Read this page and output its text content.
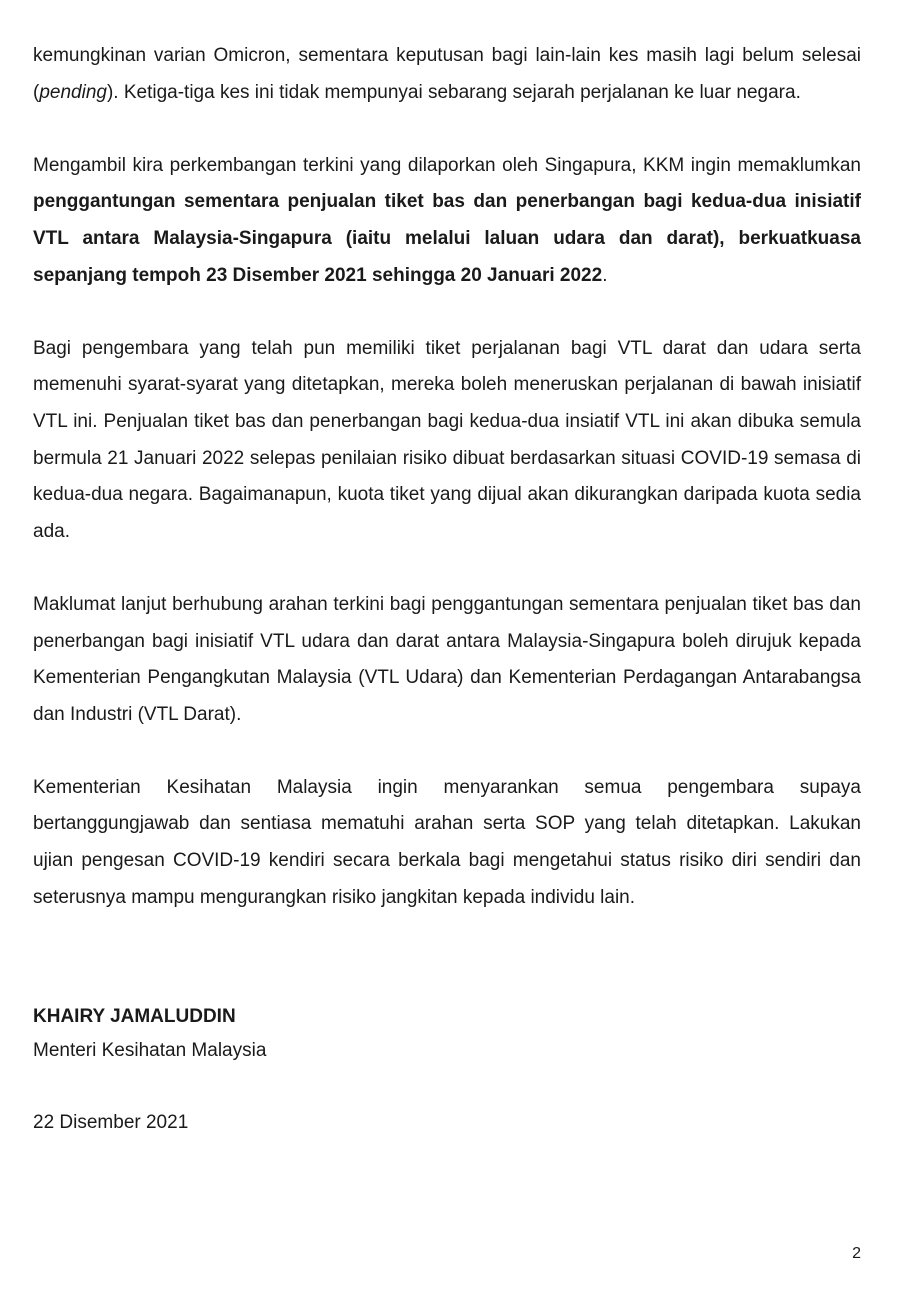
kemungkinan varian Omicron, sementara keputusan bagi lain-lain kes masih lagi belum selesai (pending). Ketiga-tiga kes ini tidak mempunyai sebarang sejarah perjalanan ke luar negara.

Mengambil kira perkembangan terkini yang dilaporkan oleh Singapura, KKM ingin memaklumkan penggantungan sementara penjualan tiket bas dan penerbangan bagi kedua-dua inisiatif VTL antara Malaysia-Singapura (iaitu melalui laluan udara dan darat), berkuatkuasa sepanjang tempoh 23 Disember 2021 sehingga 20 Januari 2022.

Bagi pengembara yang telah pun memiliki tiket perjalanan bagi VTL darat dan udara serta memenuhi syarat-syarat yang ditetapkan, mereka boleh meneruskan perjalanan di bawah inisiatif VTL ini. Penjualan tiket bas dan penerbangan bagi kedua-dua insiatif VTL ini akan dibuka semula bermula 21 Januari 2022 selepas penilaian risiko dibuat berdasarkan situasi COVID-19 semasa di kedua-dua negara. Bagaimanapun, kuota tiket yang dijual akan dikurangkan daripada kuota sedia ada.

Maklumat lanjut berhubung arahan terkini bagi penggantungan sementara penjualan tiket bas dan penerbangan bagi inisiatif VTL udara dan darat antara Malaysia-Singapura boleh dirujuk kepada Kementerian Pengangkutan Malaysia (VTL Udara) dan Kementerian Perdagangan Antarabangsa dan Industri (VTL Darat).

Kementerian Kesihatan Malaysia ingin menyarankan semua pengembara supaya bertanggungjawab dan sentiasa mematuhi arahan serta SOP yang telah ditetapkan. Lakukan ujian pengesan COVID-19 kendiri secara berkala bagi mengetahui status risiko diri sendiri dan seterusnya mampu mengurangkan risiko jangkitan kepada individu lain.

KHAIRY JAMALUDDIN
Menteri Kesihatan Malaysia
22 Disember 2021
2
